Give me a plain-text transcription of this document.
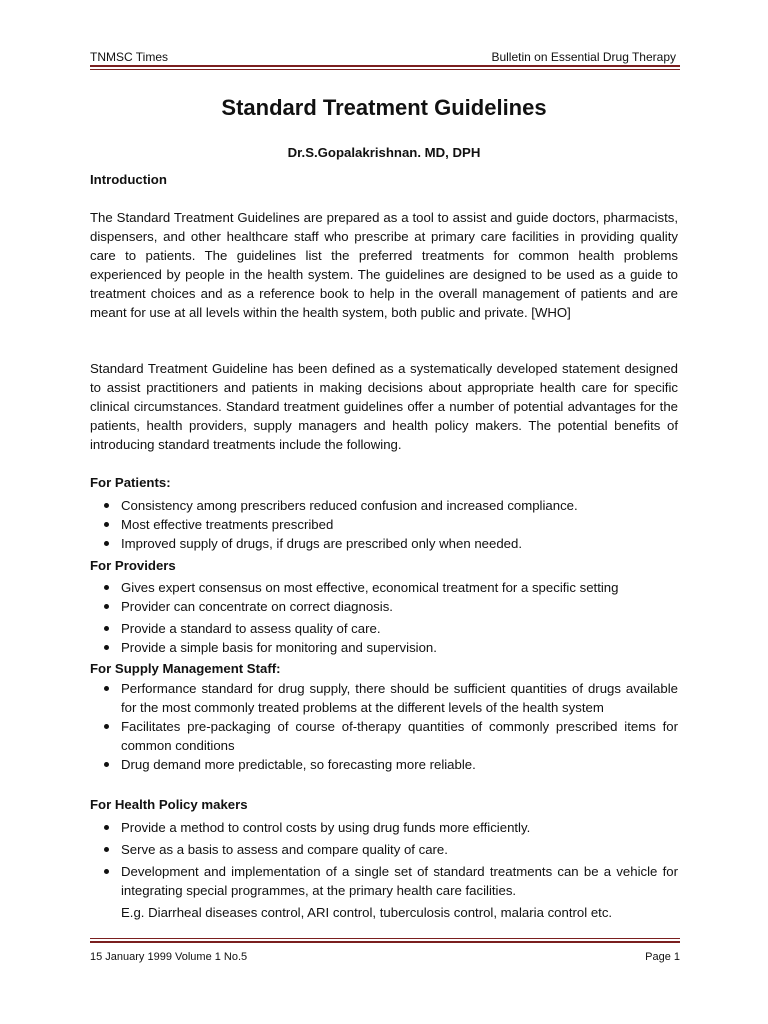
TNMSC Times	Bulletin on Essential Drug Therapy
Standard Treatment Guidelines
Dr.S.Gopalakrishnan. MD, DPH
Introduction

The Standard Treatment Guidelines are prepared as a tool to assist and guide doctors, pharmacists, dispensers, and other healthcare staff who prescribe at primary care facilities in providing quality care to patients. The guidelines list the preferred treatments for common health problems experienced by people in the health system. The guidelines are designed to be used as a guide to treatment choices and as a reference book to help in the overall management of patients and are meant for use at all levels within the health system, both public and private. [WHO]

Standard Treatment Guideline has been defined as a systematically developed statement designed to assist practitioners and patients in making decisions about appropriate health care for specific clinical circumstances. Standard treatment guidelines offer a number of potential advantages for the patients, health providers, supply managers and health policy makers. The potential benefits of introducing standard treatments include the following.

For Patients:
Consistency among prescribers reduced confusion and increased compliance.
Most effective treatments prescribed
Improved supply of drugs, if drugs are prescribed only when needed.
For Providers
Gives expert consensus on most effective, economical treatment for a specific setting
Provider can concentrate on correct diagnosis.
Provide a standard to assess quality of care.
Provide a simple basis for monitoring and supervision.
For Supply Management Staff:
Performance standard for drug supply, there should be sufficient quantities of drugs available for the most commonly treated problems at the different levels of the health system
Facilitates pre-packaging of course of-therapy quantities of commonly prescribed items for common conditions
Drug demand more predictable, so forecasting more reliable.
For Health Policy makers
Provide a method to control costs by using drug funds more efficiently.
Serve as a basis to assess and compare quality of care.
Development and implementation of a single set of standard treatments can be a vehicle for integrating special programmes, at the primary health care facilities.
E.g. Diarrheal diseases control, ARI control, tuberculosis control, malaria control etc.
15 January 1999 Volume 1 No.5	Page 1
